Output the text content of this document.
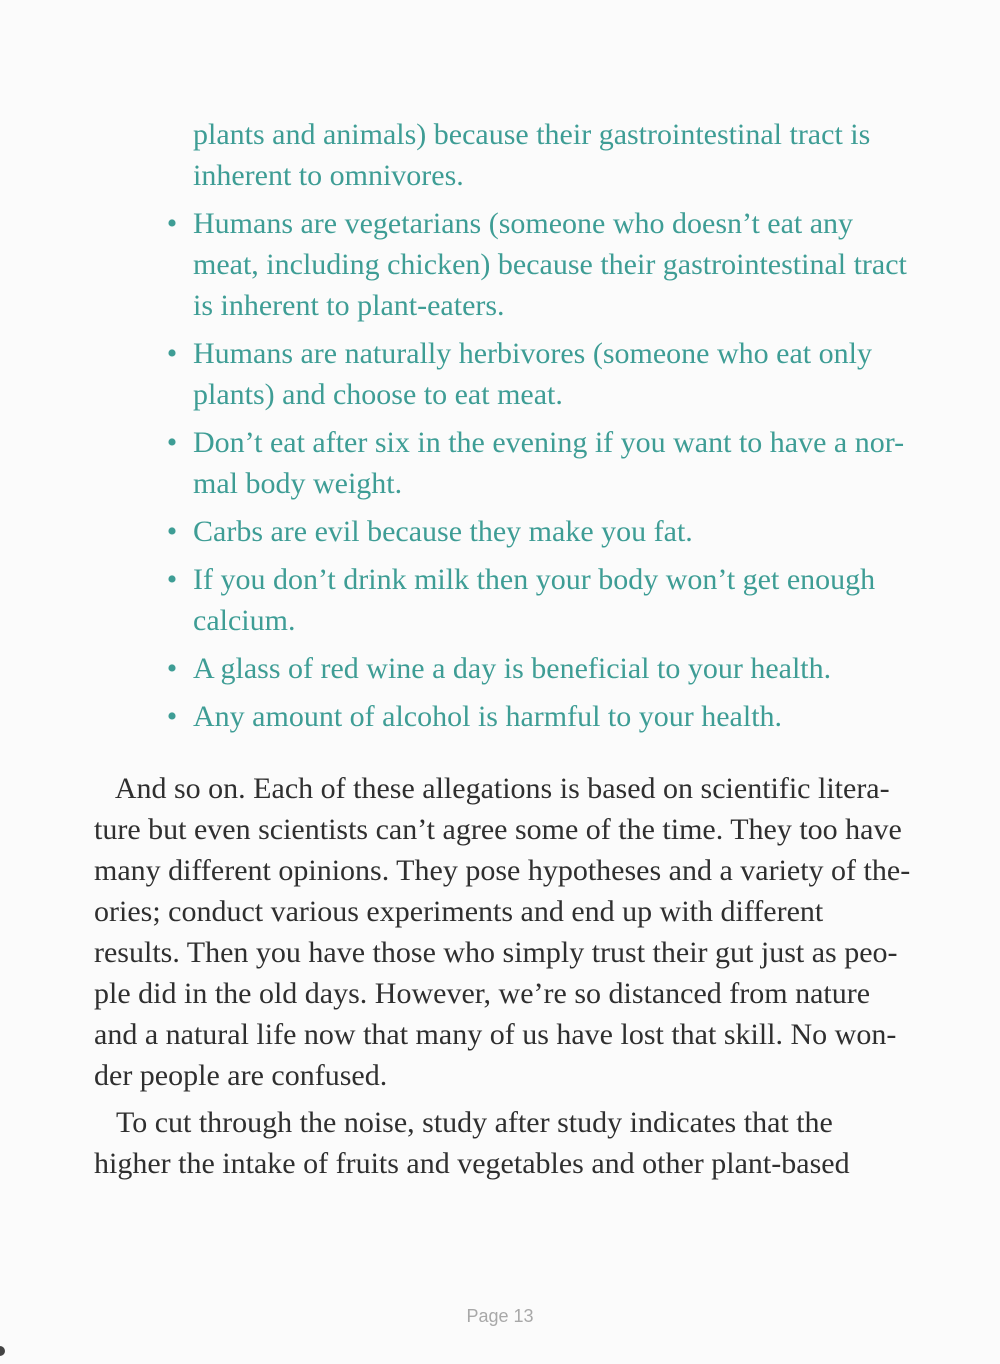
plants and animals) because their gastrointestinal tract is
inherent to omnivores.
• Humans are vegetarians (someone who doesn’t eat any
meat, including chicken) because their gastrointestinal tract
is inherent to plant-eaters.
• Humans are naturally herbivores (someone who eat only
plants) and choose to eat meat.
• Don’t eat after six in the evening if you want to have a nor-
mal body weight.
• Carbs are evil because they make you fat.
• If you don’t drink milk then your body won’t get enough
calcium.
• A glass of red wine a day is beneficial to your health.
• Any amount of alcohol is harmful to your health.
And so on. Each of these allegations is based on scientific litera-
ture but even scientists can’t agree some of the time. They too have
many different opinions. They pose hypotheses and a variety of the-
ories; conduct various experiments and end up with different
results. Then you have those who simply trust their gut just as peo-
ple did in the old days. However, we’re so distanced from nature
and a natural life now that many of us have lost that skill. No won-
der people are confused.
To cut through the noise, study after study indicates that the
higher the intake of fruits and vegetables and other plant-based
Page 13
